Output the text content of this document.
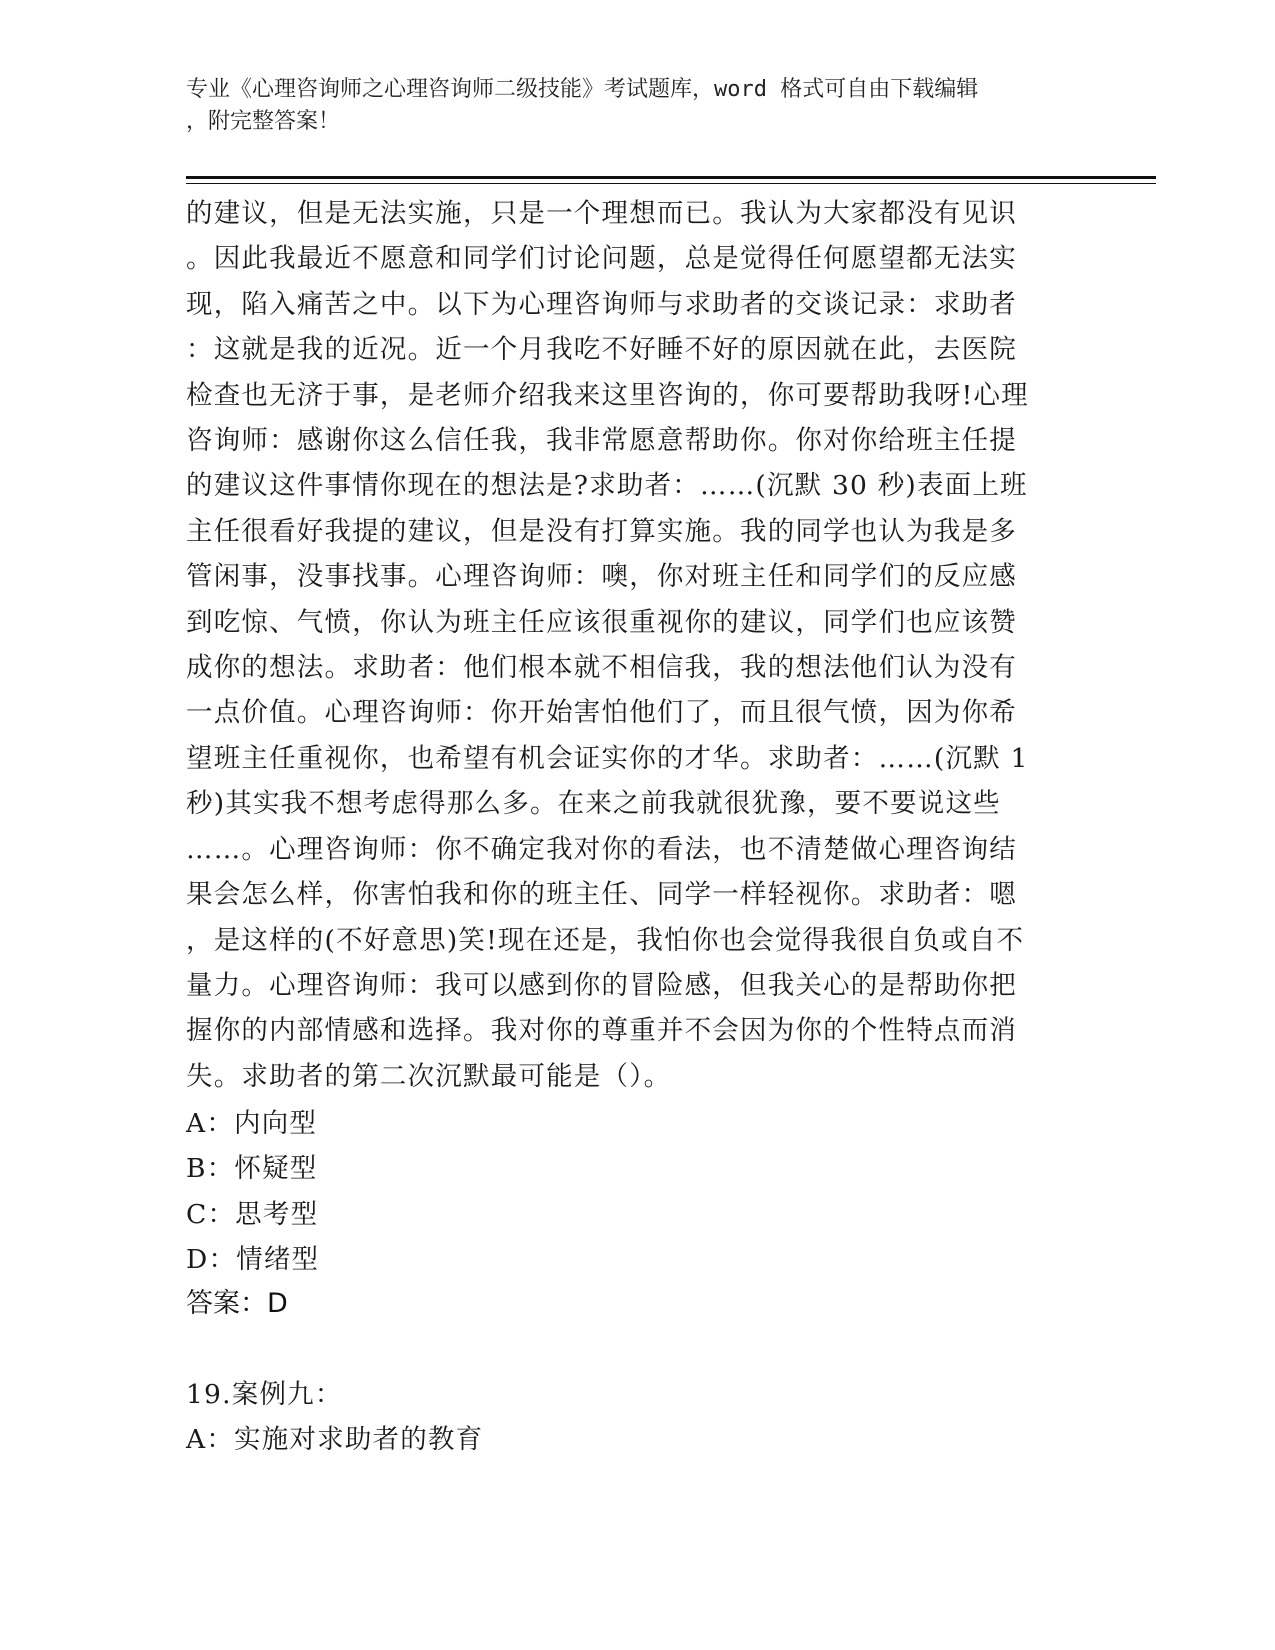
专业《心理咨询师之心理咨询师二级技能》考试题库，word 格式可自由下载编辑
，附完整答案！
的建议，但是无法实施，只是一个理想而已。我认为大家都没有见识
。因此我最近不愿意和同学们讨论问题，总是觉得任何愿望都无法实
现，陷入痛苦之中。以下为心理咨询师与求助者的交谈记录：求助者
：这就是我的近况。近一个月我吃不好睡不好的原因就在此，去医院
检查也无济于事，是老师介绍我来这里咨询的，你可要帮助我呀!心理
咨询师：感谢你这么信任我，我非常愿意帮助你。你对你给班主任提
的建议这件事情你现在的想法是?求助者：……(沉默 30 秒)表面上班
主任很看好我提的建议，但是没有打算实施。我的同学也认为我是多
管闲事，没事找事。心理咨询师：噢，你对班主任和同学们的反应感
到吃惊、气愤，你认为班主任应该很重视你的建议，同学们也应该赞
成你的想法。求助者：他们根本就不相信我，我的想法他们认为没有
一点价值。心理咨询师：你开始害怕他们了，而且很气愤，因为你希
望班主任重视你，也希望有机会证实你的才华。求助者：……(沉默 1
秒)其实我不想考虑得那么多。在来之前我就很犹豫，要不要说这些
……。心理咨询师：你不确定我对你的看法，也不清楚做心理咨询结
果会怎么样，你害怕我和你的班主任、同学一样轻视你。求助者：嗯
，是这样的(不好意思)笑!现在还是，我怕你也会觉得我很自负或自不
量力。心理咨询师：我可以感到你的冒险感，但我关心的是帮助你把
握你的内部情感和选择。我对你的尊重并不会因为你的个性特点而消
失。求助者的第二次沉默最可能是（）。
A：内向型
B：怀疑型
C：思考型
D：情绪型
答案：D
19.案例九：
A：实施对求助者的教育
